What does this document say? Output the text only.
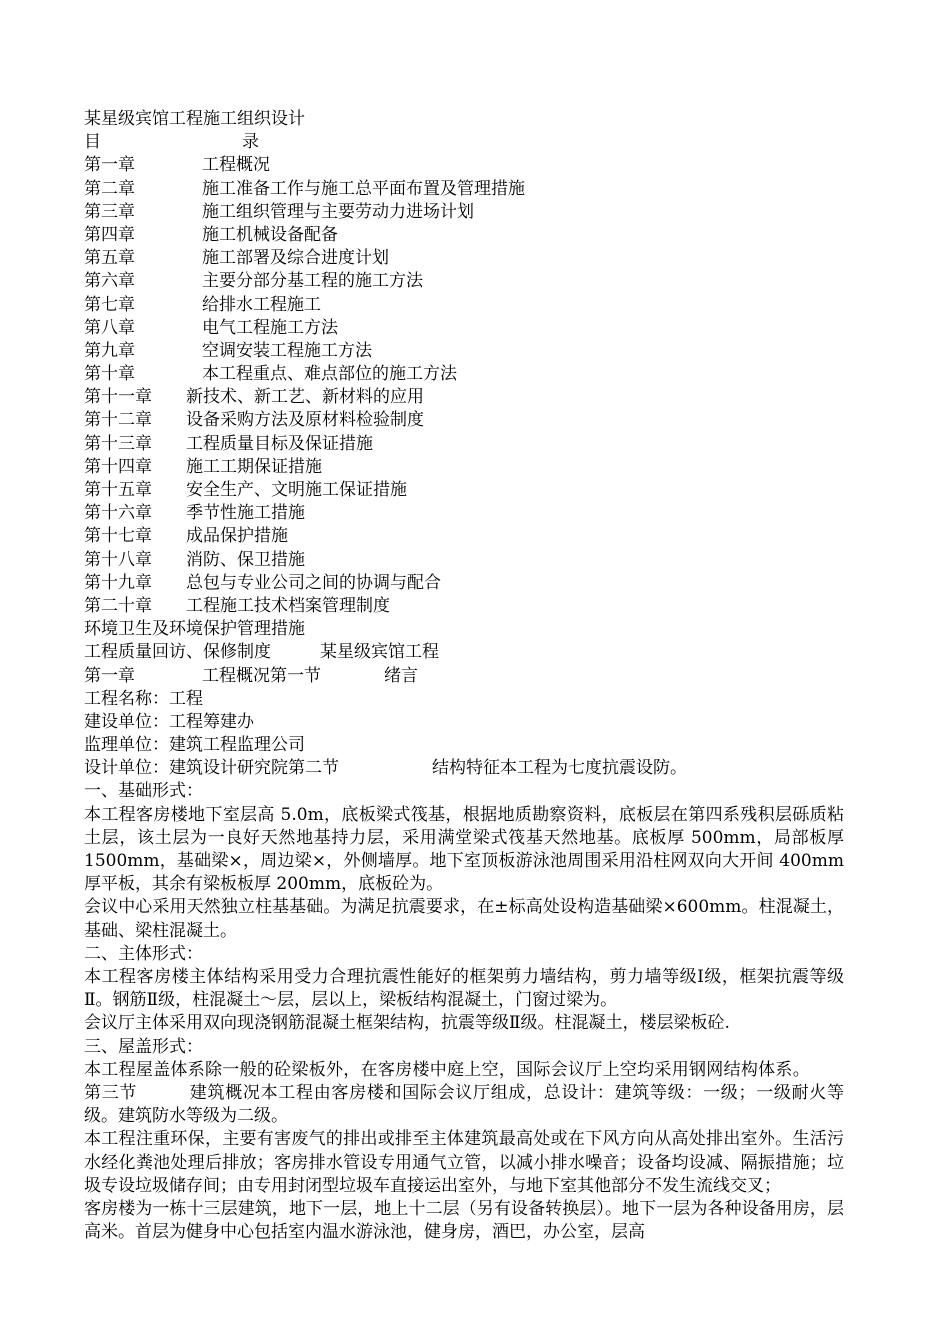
某星级宾馆工程施工组织设计
目	录
第一章	工程概况
第二章	施工准备工作与施工总平面布置及管理措施
第三章	施工组织管理与主要劳动力进场计划
第四章	施工机械设备配备
第五章	施工部署及综合进度计划
第六章	主要分部分基工程的施工方法
第七章	给排水工程施工
第八章	电气工程施工方法
第九章	空调安装工程施工方法
第十章	本工程重点、难点部位的施工方法
第十一章	新技术、新工艺、新材料的应用
第十二章	设备采购方法及原材料检验制度
第十三章	工程质量目标及保证措施
第十四章	施工工期保证措施
第十五章	安全生产、文明施工保证措施
第十六章	季节性施工措施
第十七章	成品保护措施
第十八章	消防、保卫措施
第十九章	总包与专业公司之间的协调与配合
第二十章	工程施工技术档案管理制度
环境卫生及环境保护管理措施
工程质量回访、保修制度	某星级宾馆工程
第一章	工程概况第一节	绪言
工程名称：工程
建设单位：工程筹建办
监理单位：建筑工程监理公司
设计单位：建筑设计研究院第二节	结构特征本工程为七度抗震设防。
一、基础形式：

本工程客房楼地下室层高 5.0m，底板梁式筏基，根据地质勘察资料，底板层在第四系残积层砾质粘土层，该土层为一良好天然地基持力层，采用满堂梁式筏基天然地基。底板厚 500mm，局部板厚 1500mm，基础梁×，周边梁×，外侧墙厚。地下室顶板游泳池周围采用沿柱网双向大开间 400mm 厚平板，其余有梁板板厚 200mm，底板砼为。

会议中心采用天然独立柱基基础。为满足抗震要求，在±标高处设构造基础梁×600mm。柱混凝土，基础、梁柱混凝土。

二、主体形式：

本工程客房楼主体结构采用受力合理抗震性能好的框架剪力墙结构，剪力墙等级Ⅰ级，框架抗震等级Ⅱ。钢筋Ⅱ级，柱混凝土～层，层以上，梁板结构混凝土，门窗过梁为。

会议厅主体采用双向现浇钢筋混凝土框架结构，抗震等级Ⅱ级。柱混凝土，楼层梁板砼.

三、屋盖形式：

本工程屋盖体系除一般的砼梁板外，在客房楼中庭上空，国际会议厅上空均采用钢网结构体系。第三节	建筑概况本工程由客房楼和国际会议厅组成，总设计：建筑等级：一级；一级耐火等级。建筑防水等级为二级。

本工程注重环保，主要有害废气的排出或排至主体建筑最高处或在下风方向从高处排出室外。生活污水经化粪池处理后排放；客房排水管设专用通气立管，以减小排水噪音；设备均设减、隔振措施；垃圾专设垃圾储存间；由专用封闭型垃圾车直接运出室外，与地下室其他部分不发生流线交叉；

客房楼为一栋十三层建筑，地下一层，地上十二层（另有设备转换层）。地下一层为各种设备用房，层高米。首层为健身中心包括室内温水游泳池，健身房，酒巴，办公室，层高
